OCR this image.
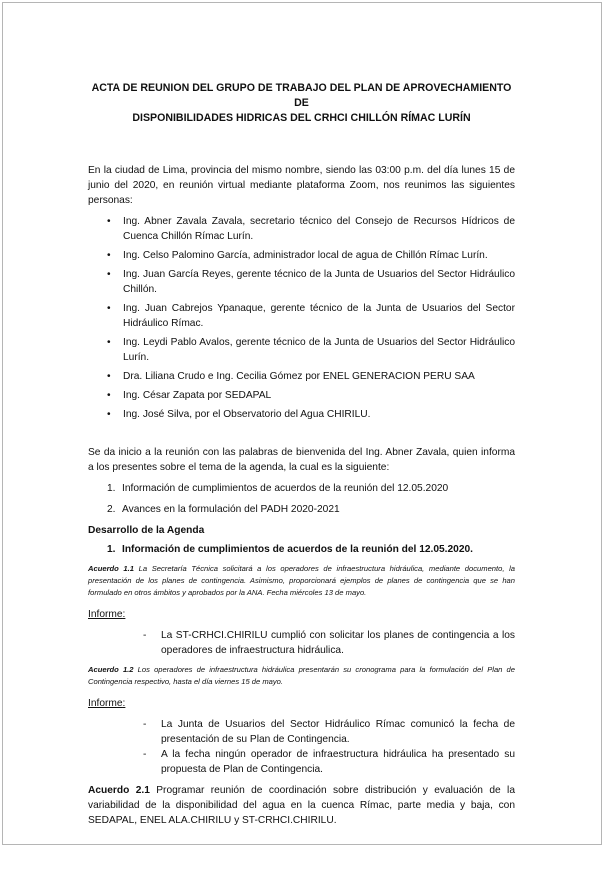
ACTA DE REUNION DEL GRUPO DE TRABAJO DEL PLAN DE APROVECHAMIENTO DE
DISPONIBILIDADES HIDRICAS DEL CRHCI CHILLÓN RÍMAC LURÍN

En la ciudad de Lima, provincia del mismo nombre, siendo las 03:00 p.m. del día lunes 15 de junio del 2020, en reunión virtual mediante plataforma Zoom, nos reunimos las siguientes personas:

• Ing. Abner Zavala Zavala, secretario técnico del Consejo de Recursos Hídricos de Cuenca Chillón Rímac Lurín.
• Ing. Celso Palomino García, administrador local de agua de Chillón Rímac Lurín.
• Ing. Juan García Reyes, gerente técnico de la Junta de Usuarios del Sector Hidráulico Chillón.
• Ing. Juan Cabrejos Ypanaque, gerente técnico de la Junta de Usuarios del Sector Hidráulico Rímac.
• Ing. Leydi Pablo Avalos, gerente técnico de la Junta de Usuarios del Sector Hidráulico Lurín.
• Dra. Liliana Crudo e Ing. Cecilia Gómez por ENEL GENERACION PERU SAA
• Ing. César Zapata por SEDAPAL
• Ing. José Silva, por el Observatorio del Agua CHIRILU.

Se da inicio a la reunión con las palabras de bienvenida del Ing. Abner Zavala, quien informa a los presentes sobre el tema de la agenda, la cual es la siguiente:

1. Información de cumplimientos de acuerdos de la reunión del 12.05.2020
2. Avances en la formulación del PADH 2020-2021

Desarrollo de la Agenda

1. Información de cumplimientos de acuerdos de la reunión del 12.05.2020.

Acuerdo 1.1 La Secretaría Técnica solicitará a los operadores de infraestructura hidráulica, mediante documento, la presentación de los planes de contingencia. Asimismo, proporcionará ejemplos de planes de contingencia que se han formulado en otros ámbitos y aprobados por la ANA. Fecha miércoles 13 de mayo.

Informe:

- La ST-CRHCI.CHIRILU cumplió con solicitar los planes de contingencia a los operadores de infraestructura hidráulica.

Acuerdo 1.2 Los operadores de infraestructura hidráulica presentarán su cronograma para la formulación del Plan de Contingencia respectivo, hasta el día viernes 15 de mayo.

Informe:

- La Junta de Usuarios del Sector Hidráulico Rímac comunicó la fecha de presentación de su Plan de Contingencia.
- A la fecha ningún operador de infraestructura hidráulica ha presentado su propuesta de Plan de Contingencia.

Acuerdo 2.1 Programar reunión de coordinación sobre distribución y evaluación de la variabilidad de la disponibilidad del agua en la cuenca Rímac, parte media y baja, con SEDAPAL, ENEL ALA.CHIRILU y ST-CRHCI.CHIRILU.
